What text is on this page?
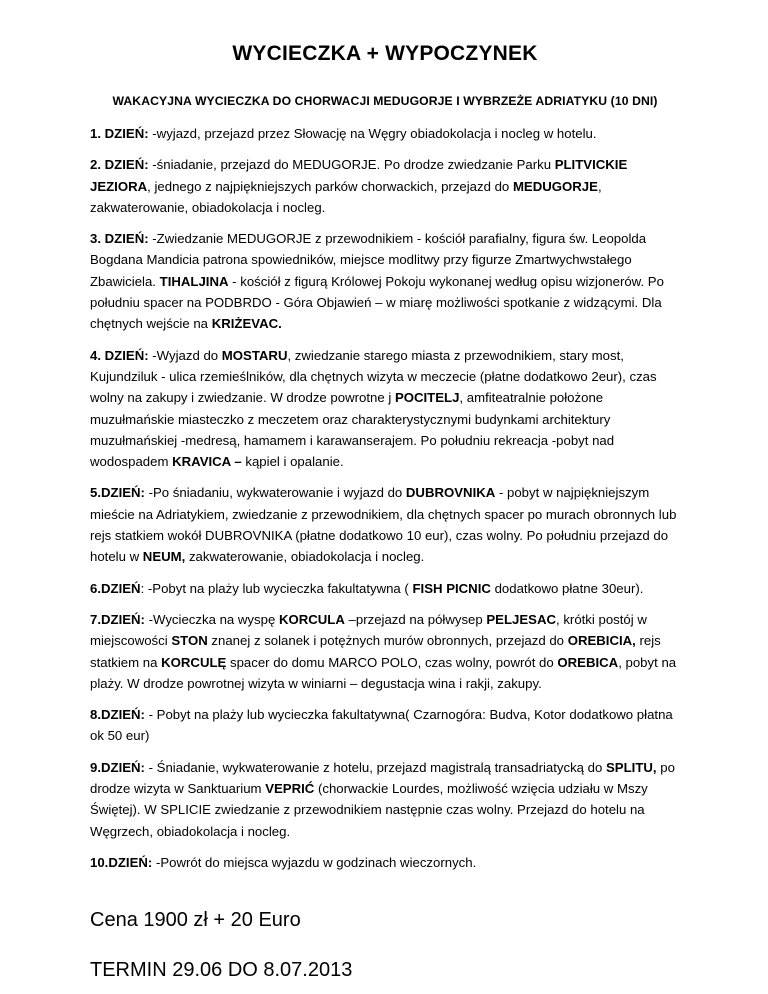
WYCIECZKA + WYPOCZYNEK

WAKACYJNA WYCIECZKA DO CHORWACJI MEDUGORJE I WYBRZEŻE ADRIATYKU (10 DNI)

1. DZIEŃ: -wyjazd, przejazd przez Słowację na Węgry obiadokolacja i nocleg w hotelu.

2. DZIEŃ: -śniadanie, przejazd do MEDUGORJE. Po drodze zwiedzanie Parku PLITVICKIE JEZIORA, jednego z najpiękniejszych parków chorwackich, przejazd do MEDUGORJE, zakwaterowanie, obiadokolacja i nocleg.

3. DZIEŃ: -Zwiedzanie MEDUGORJE z przewodnikiem - kościół parafialny, figura św. Leopolda Bogdana Mandicia patrona spowiedników, miejsce modlitwy przy figurze Zmartwychwstałego Zbawiciela. TIHALJINA - kościół z figurą Królowej Pokoju wykonanej według opisu wizjonerów. Po południu spacer na PODBRDO - Góra Objawień – w miarę możliwości spotkanie z widzącymi. Dla chętnych wejście na KRIŻEVAC.

4. DZIEŃ: -Wyjazd do MOSTARU, zwiedzanie starego miasta z przewodnikiem, stary most, Kujundziluk - ulica rzemieślników, dla chętnych wizyta w meczecie (płatne dodatkowo 2eur), czas wolny na zakupy i zwiedzanie. W drodze powrotne j POCITELJ, amfiteatralnie położone muzułmańskie miasteczko z meczetem oraz charakterystycznymi budynkami architektury muzułmańskiej -medresą, hamamem i karawanserajem. Po południu rekreacja -pobyt nad wodospadem KRAVICA – kąpiel i opalanie.

5.DZIEŃ: -Po śniadaniu, wykwaterowanie i wyjazd do DUBROVNIKA - pobyt w najpiękniejszym mieście na Adriatykiem, zwiedzanie z przewodnikiem, dla chętnych spacer po murach obronnych lub rejs statkiem wokół DUBROVNIKA (płatne dodatkowo 10 eur), czas wolny. Po południu przejazd do hotelu w NEUM, zakwaterowanie, obiadokolacja i nocleg.

6.DZIEŃ: -Pobyt na plaży lub wycieczka fakultatywna ( FISH PICNIC dodatkowo płatne 30eur).

7.DZIEŃ: -Wycieczka na wyspę KORCULA –przejazd na półwysep PELJESAC, krótki postój w miejscowości STON znanej z solanek i potężnych murów obronnych, przejazd do OREBICIA, rejs statkiem na KORCULĘ spacer do domu MARCO POLO, czas wolny, powrót do OREBICA, pobyt na plaży. W drodze powrotnej wizyta w winiarni – degustacja wina i rakji, zakupy.

8.DZIEŃ: - Pobyt na plaży lub wycieczka fakultatywna( Czarnogóra: Budva, Kotor dodatkowo płatna ok 50 eur)

9.DZIEŃ: - Śniadanie, wykwaterowanie z hotelu, przejazd magistralą transadriatycką do SPLITU, po drodze wizyta w Sanktuarium VEPRIĆ (chorwackie Lourdes, możliwość wzięcia udziału w Mszy Świętej). W SPLICIE zwiedzanie z przewodnikiem następnie czas wolny. Przejazd do hotelu na Węgrzech, obiadokolacja i nocleg.

10.DZIEŃ: -Powrót do miejsca wyjazdu w godzinach wieczornych.

Cena 1900 zł + 20 Euro

TERMIN 29.06 DO 8.07.2013
